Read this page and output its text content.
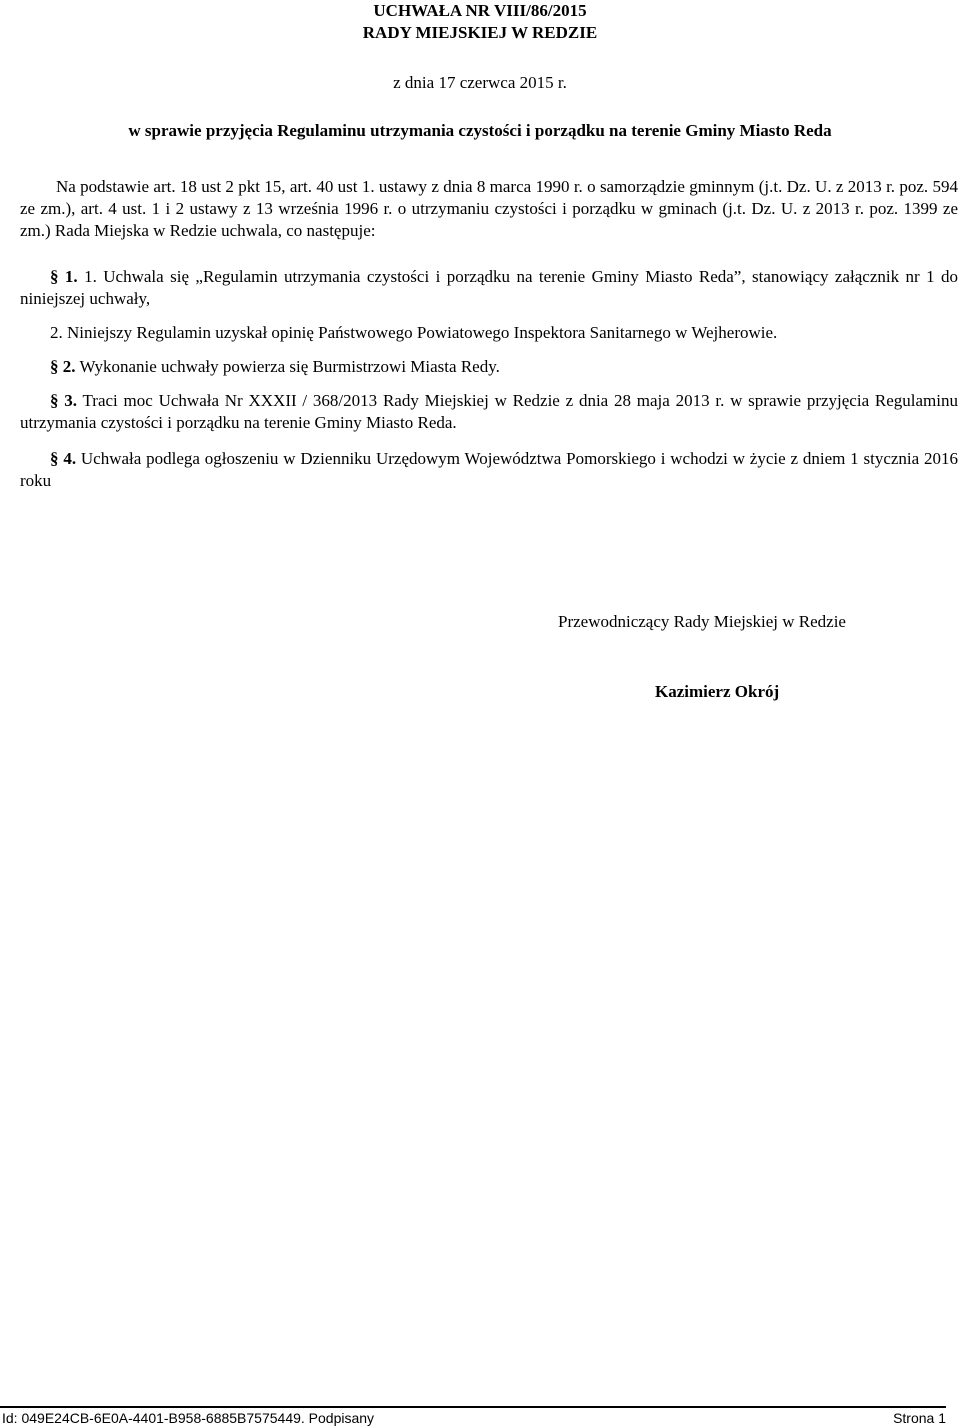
UCHWAŁA NR VIII/86/2015
RADY MIEJSKIEJ W REDZIE
z dnia 17 czerwca 2015 r.
w sprawie przyjęcia Regulaminu utrzymania czystości i porządku na terenie Gminy Miasto Reda
Na podstawie art. 18 ust 2 pkt 15, art. 40 ust 1. ustawy z dnia 8 marca 1990 r. o samorządzie gminnym (j.t. Dz. U. z 2013 r. poz. 594 ze zm.), art. 4 ust. 1 i 2 ustawy z 13 września 1996 r. o utrzymaniu czystości i porządku w gminach (j.t. Dz. U. z 2013 r. poz. 1399 ze zm.) Rada Miejska w Redzie uchwala, co następuje:
§ 1. 1. Uchwala się „Regulamin utrzymania czystości i porządku na terenie Gminy Miasto Reda”, stanowiący załącznik nr 1 do niniejszej uchwały,
2. Niniejszy Regulamin uzyskał opinię Państwowego Powiatowego Inspektora Sanitarnego w Wejherowie.
§ 2. Wykonanie uchwały powierza się Burmistrzowi Miasta Redy.
§ 3. Traci moc Uchwała Nr XXXII / 368/2013 Rady Miejskiej w Redzie z dnia 28 maja 2013 r. w sprawie przyjęcia Regulaminu utrzymania czystości i porządku na terenie Gminy Miasto Reda.
§ 4. Uchwała podlega ogłoszeniu w Dzienniku Urzędowym Województwa Pomorskiego i wchodzi w życie z dniem 1 stycznia 2016 roku
Przewodniczący Rady Miejskiej w Redzie
Kazimierz Okrój
Id: 049E24CB-6E0A-4401-B958-6885B7575449. Podpisany	Strona 1
